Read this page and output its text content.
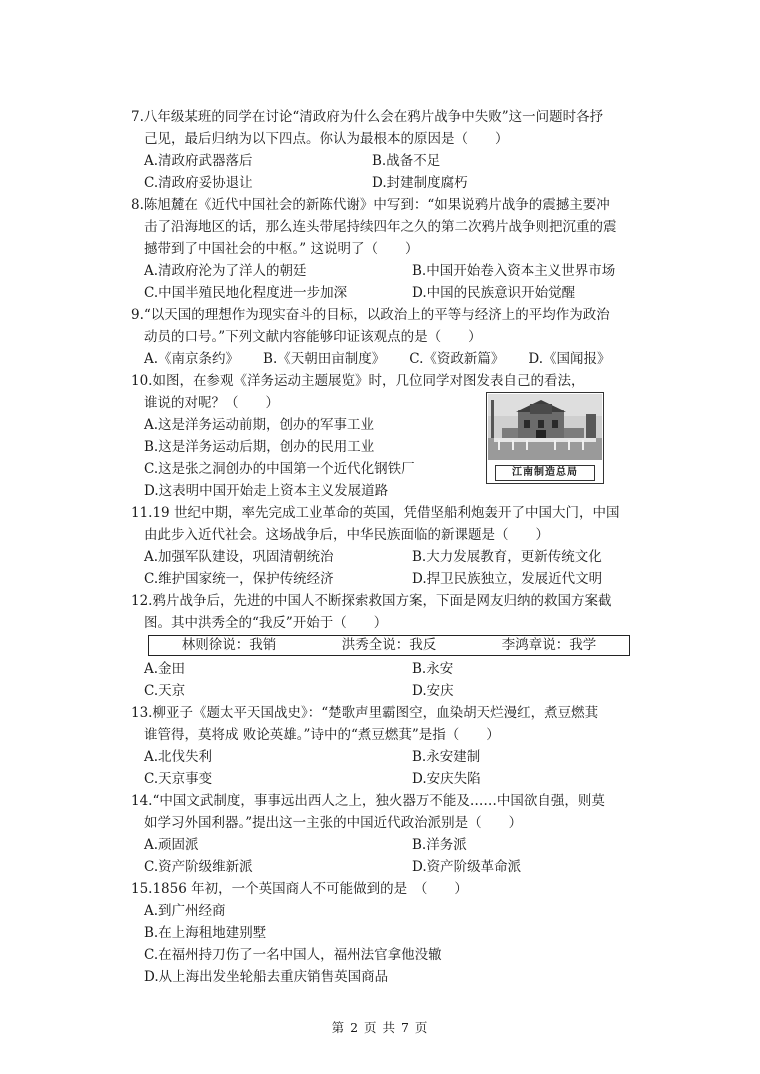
7.八年级某班的同学在讨论“清政府为什么会在鸦片战争中失败”这一问题时各抒
己见，最后归纳为以下四点。你认为最根本的原因是（　　）
A.清政府武器落后	B.战备不足
C.清政府妥协退让	D.封建制度腐朽
8.陈旭麓在《近代中国社会的新陈代谢》中写到：“如果说鸦片战争的震撼主要冲
击了沿海地区的话，那么连头带尾持续四年之久的第二次鸦片战争则把沉重的震
撼带到了中国社会的中枢。” 这说明了（　　）
A.清政府沦为了洋人的朝廷	B.中国开始卷入资本主义世界市场
C.中国半殖民地化程度进一步加深	D.中国的民族意识开始觉醒
9.“以天国的理想作为现实奋斗的目标，以政治上的平等与经济上的平均作为政治
动员的口号。”下列文献内容能够印证该观点的是（　　）
A.《南京条约》 B.《天朝田亩制度》 C.《资政新篇》 D.《国闻报》
10.如图，在参观《洋务运动主题展览》时，几位同学对图发表自己的看法，
谁说的对呢？（　　）
A.这是洋务运动前期，创办的军事工业
B.这是洋务运动后期，创办的民用工业
C.这是张之洞创办的中国第一个近代化钢铁厂
D.这表明中国开始走上资本主义发展道路
江南制造总局
11.19 世纪中期，率先完成工业革命的英国，凭借坚船利炮轰开了中国大门，中国
由此步入近代社会。这场战争后，中华民族面临的新课题是（　　）
A.加强军队建设，巩固清朝统治	B.大力发展教育，更新传统文化
C.维护国家统一，保护传统经济	D.捍卫民族独立，发展近代文明
12.鸦片战争后，先进的中国人不断探索救国方案，下面是网友归纳的救国方案截
图。其中洪秀全的“我反”开始于（　　）
林则徐说：我销	洪秀全说：我反	李鸿章说：我学
A.金田	B.永安
C.天京	D.安庆
13.柳亚子《题太平天国战史》：“楚歌声里霸图空，血染胡天烂漫红，煮豆燃萁
谁管得，莫将成 败论英雄。”诗中的“煮豆燃萁”是指（　　）
A.北伐失利	B.永安建制
C.天京事变	D.安庆失陷
14.“中国文武制度，事事远出西人之上，独火器万不能及……中国欲自强，则莫
如学习外国利器。”提出这一主张的中国近代政治派别是（　　）
A.顽固派	B.洋务派
C.资产阶级维新派	D.资产阶级革命派
15.1856 年初，一个英国商人不可能做到的是　（　　）
A.到广州经商
B.在上海租地建别墅
C.在福州持刀伤了一名中国人，福州法官拿他没辙
D.从上海出发坐轮船去重庆销售英国商品
第 2 页 共 7 页
